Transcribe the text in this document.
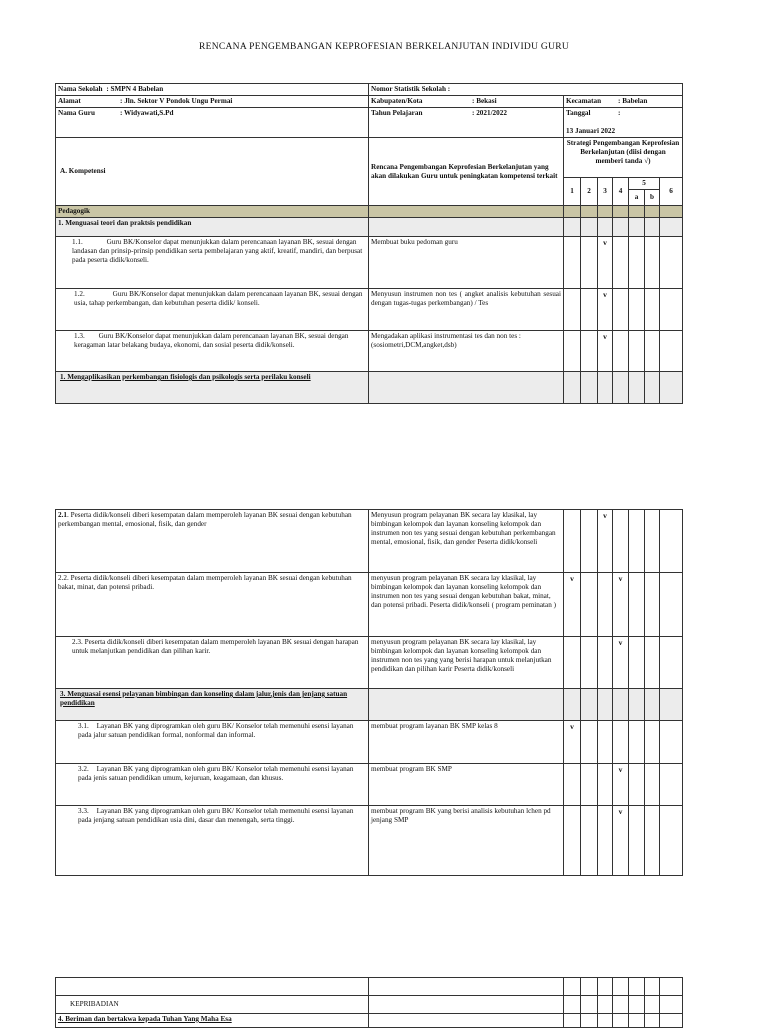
RENCANA PENGEMBANGAN KEPROFESIAN BERKELANJUTAN INDIVIDU GURU
Nama Sekolah : SMPN 4 Babelan	Nomor Statistik Sekolah :							
Alamat : Jln. Sektor V Pondok Ungu Permai	Kabupaten/Kota : Bekasi	Kecamatan : Babelan						
Nama Guru : Widyawati,S.Pd	Tahun Pelajaran : 2021/2022	Tanggal :
13 Januari 2022						
A. Kompetensi	Rencana Pengembangan Keprofesian Berkelanjutan yang akan dilakukan Guru untuk peningkatan kompetensi terkait	Strategi Pengembangan Keprofesian Berkelanjutan (diisi dengan memberi tanda √)						
		1	2	3	4	5		6
						a	b	
Pedagogik								
1. Menguasai teori dan praktsis pendidikan								
1.1. Guru BK/Konselor dapat menunjukkan dalam perencanaan layanan BK, sesuai dengan landasan dan prinsip-prinsip pendidikan serta pembelajaran yang aktif, kreatif, mandiri, dan berpusat pada peserta didik/konseli.	Membuat buku pedoman guru			v				
1.2. Guru BK/Konselor dapat menunjukkan dalam perencanaan layanan BK, sesuai dengan usia, tahap perkembangan, dan kebutuhan peserta didik/ konseli.	Menyusun instrumen non tes ( angket analisis kebutuhan sesuai dengan tugas-tugas perkembangan) / Tes			v				
1.3. Guru BK/Konselor dapat menunjukkan dalam perencanaan layanan BK, sesuai dengan keragaman latar belakang budaya, ekonomi, dan sosial peserta didik/konseli.	Mengadakan aplikasi instrumentasi tes dan non tes : (sosiometri,DCM,angket,dsb)			v				
1. Mengaplikasikan perkembangan fisiologis dan psikologis serta perilaku konseli								
2.1. Peserta didik/konseli diberi kesempatan dalam memperoleh layanan BK sesuai dengan kebutuhan perkembangan mental, emosional, fisik, dan gender	Menyusun program pelayanan BK secara lay klasikal, lay bimbingan kelompok dan layanan konseling kelompok dan instrumen non tes yang sesuai dengan kebutuhan perkembangan mental, emosional, fisik, dan gender Peserta didik/konseli			v				
2.2. Peserta didik/konseli diberi kesempatan dalam memperoleh layanan BK sesuai dengan kebutuhan bakat, minat, dan potensi pribadi.	menyusun program pelayanan BK secara lay klasikal, lay bimbingan kelompok dan layanan konseling kelompok dan instrumen non tes yang sesuai dengan kebutuhan bakat, minat, dan potensi pribadi. Peserta didik/konseli ( program peminatan )	v			v			
2.3. Peserta didik/konseli diberi kesempatan dalam memperoleh layanan BK sesuai dengan harapan untuk melanjutkan pendidikan dan pilihan karir.	menyusun program pelayanan BK secara lay klasikal, lay bimbingan kelompok dan layanan konseling kelompok dan instrumen non tes yang yang berisi harapan untuk melanjutkan pendidikan dan pilihan karir Peserta didik/konseli				v			
3. Menguasai esensi pelayanan bimbingan dan konseling dalam jalur,jenis dan jenjang satuan pendidikan								
3.1. Layanan BK yang diprogramkan oleh guru BK/ Konselor telah memenuhi esensi layanan pada jalur satuan pendidikan formal, nonformal dan informal.	membuat program layanan BK SMP kelas 8	v						
3.2. Layanan BK yang diprogramkan oleh guru BK/ Konselor telah memenuhi esensi layanan pada jenis satuan pendidikan umum, kejuruan, keagamaan, dan khusus.	membuat program BK SMP				v			
3.3. Layanan BK yang diprogramkan oleh guru BK/ Konselor telah memenuhi esensi layanan pada jenjang satuan pendidikan usia dini, dasar dan menengah, serta tinggi.	membuat program BK yang berisi analisis kebutuhan lchen pd jenjang SMP				v			

KEPRIBADIAN								
4. Beriman dan bertakwa kepada Tuhan Yang Maha Esa								
